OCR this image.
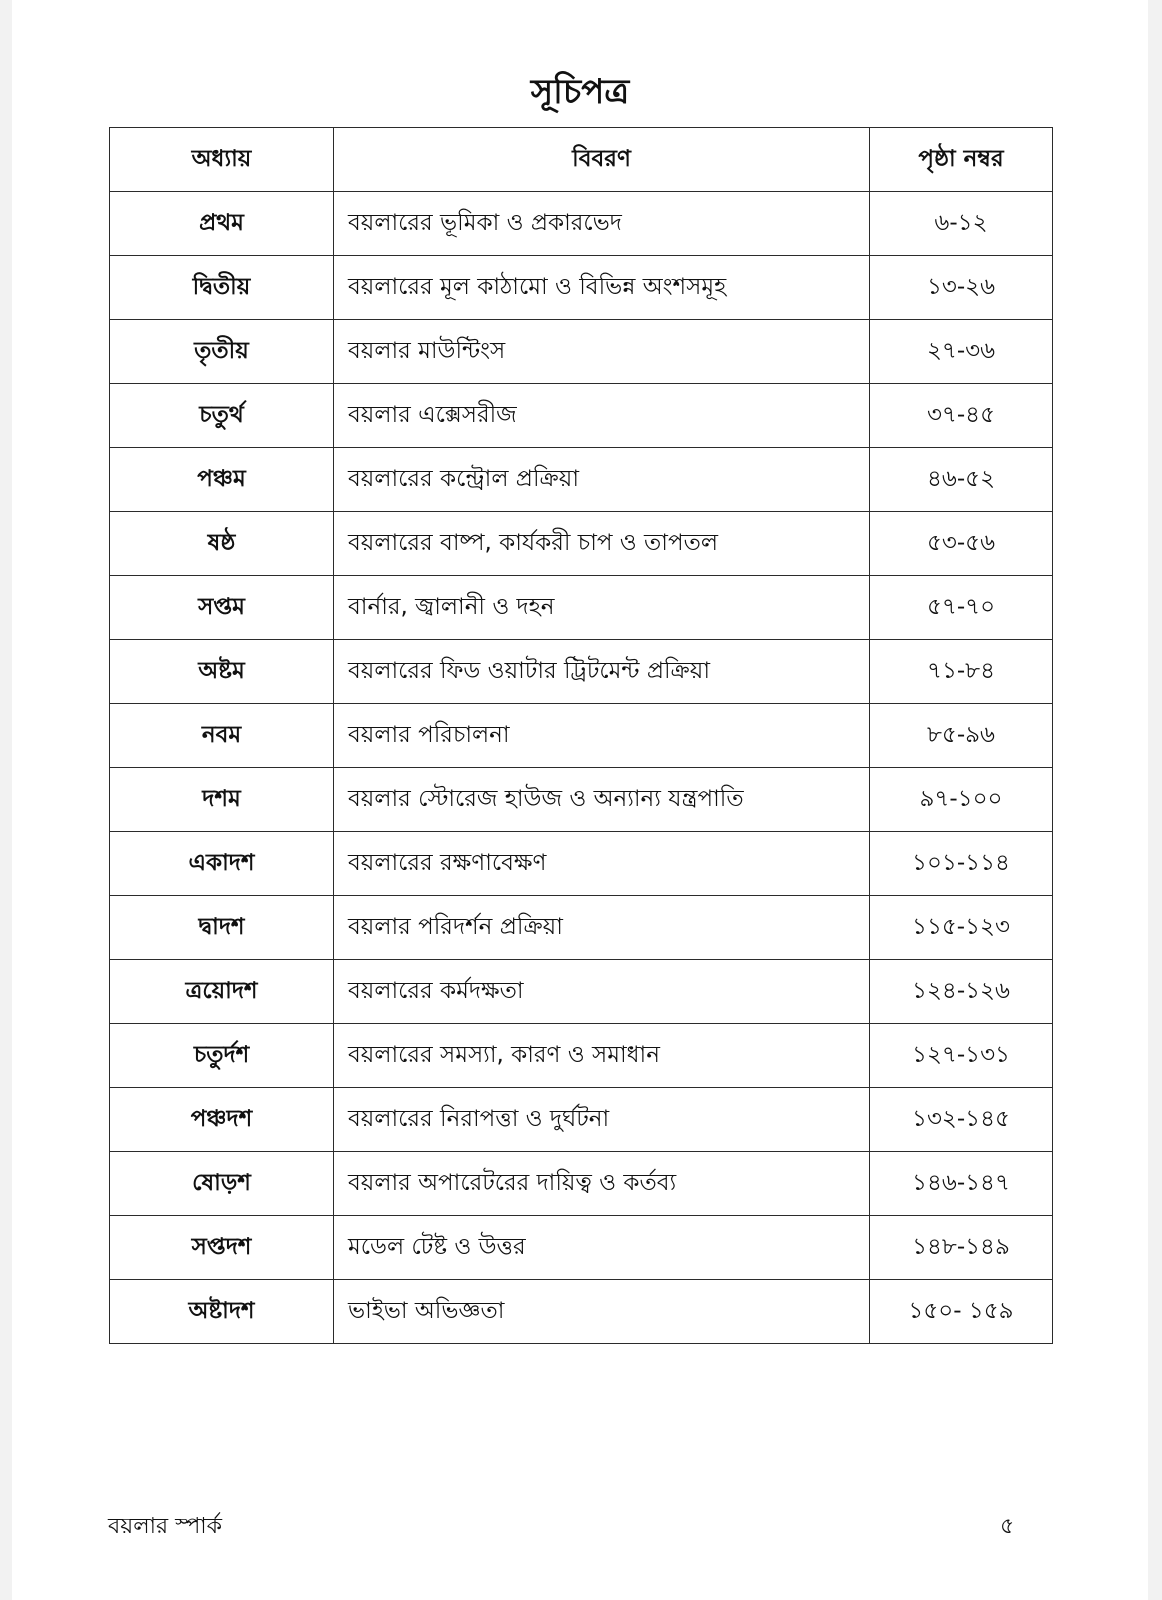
সূচিপত্র
অধ্যায়	বিবরণ	পৃষ্ঠা নম্বর
প্রথম	বয়লারের ভূমিকা ও প্রকারভেদ	৬-১২
দ্বিতীয়	বয়লারের মূল কাঠামো ও বিভিন্ন অংশসমূহ	১৩-২৬
তৃতীয়	বয়লার মাউন্টিংস	২৭-৩৬
চতুর্থ	বয়লার এক্সেসরীজ	৩৭-৪৫
পঞ্চম	বয়লারের কন্ট্রোল প্রক্রিয়া	৪৬-৫২
ষষ্ঠ	বয়লারের বাষ্প, কার্যকরী চাপ ও তাপতল	৫৩-৫৬
সপ্তম	বার্নার, জ্বালানী ও দহন	৫৭-৭০
অষ্টম	বয়লারের ফিড ওয়াটার ট্রিটমেন্ট প্রক্রিয়া	৭১-৮৪
নবম	বয়লার পরিচালনা	৮৫-৯৬
দশম	বয়লার স্টোরেজ হাউজ ও অন্যান্য যন্ত্রপাতি	৯৭-১০০
একাদশ	বয়লারের রক্ষণাবেক্ষণ	১০১-১১৪
দ্বাদশ	বয়লার পরিদর্শন প্রক্রিয়া	১১৫-১২৩
ত্রয়োদশ	বয়লারের কর্মদক্ষতা	১২৪-১২৬
চতুর্দশ	বয়লারের সমস্যা, কারণ ও সমাধান	১২৭-১৩১
পঞ্চদশ	বয়লারের নিরাপত্তা ও দুর্ঘটনা	১৩২-১৪৫
ষোড়শ	বয়লার অপারেটরের দায়িত্ব ও কর্তব্য	১৪৬-১৪৭
সপ্তদশ	মডেল টেষ্ট ও উত্তর	১৪৮-১৪৯
অষ্টাদশ	ভাইভা অভিজ্ঞতা	১৫০- ১৫৯
বয়লার স্পার্ক	৫
